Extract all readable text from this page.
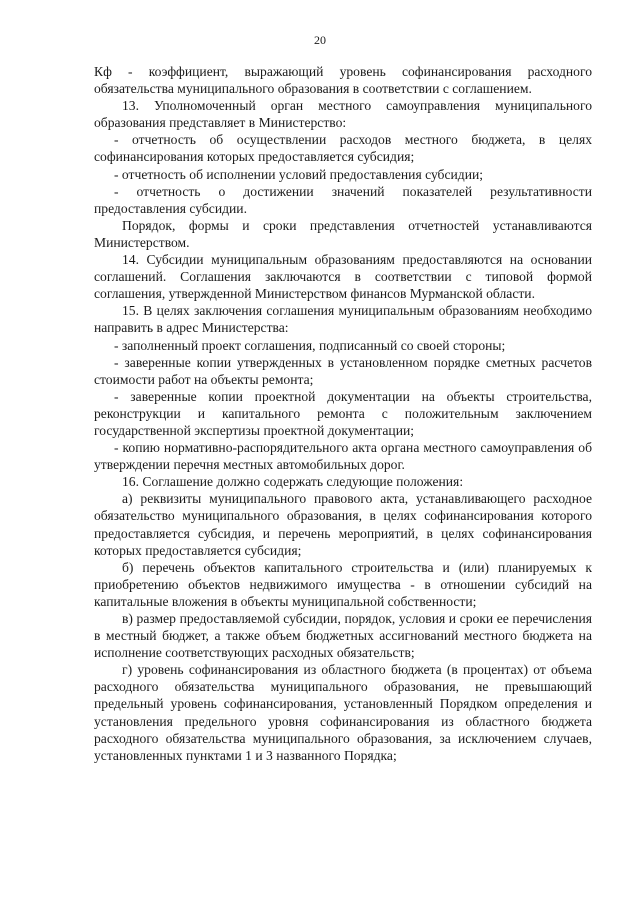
20

Кф - коэффициент, выражающий уровень софинансирования расходного обязательства муниципального образования в соответствии с соглашением.

13. Уполномоченный орган местного самоуправления муниципального образования представляет в Министерство:

- отчетность об осуществлении расходов местного бюджета, в целях софинансирования которых предоставляется субсидия;

- отчетность об исполнении условий предоставления субсидии;

- отчетность о достижении значений показателей результативности предоставления субсидии.

Порядок, формы и сроки представления отчетностей устанавливаются Министерством.

14. Субсидии муниципальным образованиям предоставляются на основании соглашений. Соглашения заключаются в соответствии с типовой формой соглашения, утвержденной Министерством финансов Мурманской области.

15. В целях заключения соглашения муниципальным образованиям необходимо направить в адрес Министерства:

- заполненный проект соглашения, подписанный со своей стороны;

- заверенные копии утвержденных в установленном порядке сметных расчетов стоимости работ на объекты ремонта;

- заверенные копии проектной документации на объекты строительства, реконструкции и капитального ремонта с положительным заключением государственной экспертизы проектной документации;

- копию нормативно-распорядительного акта органа местного самоуправления об утверждении перечня местных автомобильных дорог.

16. Соглашение должно содержать следующие положения:

а) реквизиты муниципального правового акта, устанавливающего расходное обязательство муниципального образования, в целях софинансирования которого предоставляется субсидия, и перечень мероприятий, в целях софинансирования которых предоставляется субсидия;

б) перечень объектов капитального строительства и (или) планируемых к приобретению объектов недвижимого имущества - в отношении субсидий на капитальные вложения в объекты муниципальной собственности;

в) размер предоставляемой субсидии, порядок, условия и сроки ее перечисления в местный бюджет, а также объем бюджетных ассигнований местного бюджета на исполнение соответствующих расходных обязательств;

г) уровень софинансирования из областного бюджета (в процентах) от объема расходного обязательства муниципального образования, не превышающий предельный уровень софинансирования, установленный Порядком определения и установления предельного уровня софинансирования из областного бюджета расходного обязательства муниципального образования, за исключением случаев, установленных пунктами 1 и 3 названного Порядка;
